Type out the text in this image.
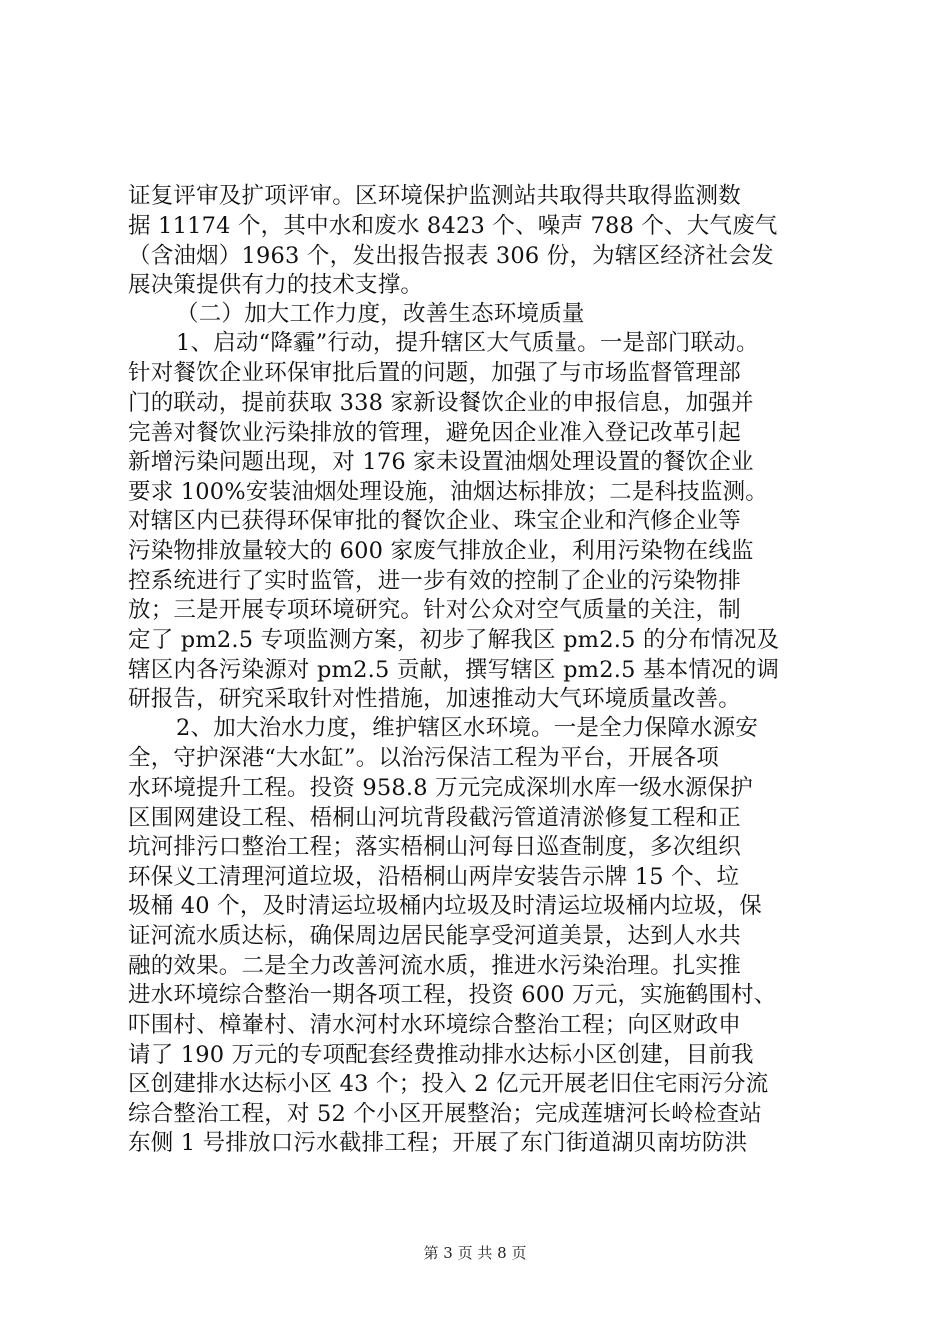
证复评审及扩项评审。区环境保护监测站共取得共取得监测数
据 11174 个，其中水和废水 8423 个、噪声 788 个、大气废气
（含油烟）1963 个，发出报告报表 306 份，为辖区经济社会发
展决策提供有力的技术支撑。
（二）加大工作力度，改善生态环境质量
1、启动“降霾”行动，提升辖区大气质量。一是部门联动。
针对餐饮企业环保审批后置的问题，加强了与市场监督管理部
门的联动，提前获取 338 家新设餐饮企业的申报信息，加强并
完善对餐饮业污染排放的管理，避免因企业准入登记改革引起
新增污染问题出现，对 176 家未设置油烟处理设置的餐饮企业
要求 100%安装油烟处理设施，油烟达标排放；二是科技监测。
对辖区内已获得环保审批的餐饮企业、珠宝企业和汽修企业等
污染物排放量较大的 600 家废气排放企业，利用污染物在线监
控系统进行了实时监管，进一步有效的控制了企业的污染物排
放；三是开展专项环境研究。针对公众对空气质量的关注，制
定了 pm2.5 专项监测方案，初步了解我区 pm2.5 的分布情况及
辖区内各污染源对 pm2.5 贡献，撰写辖区 pm2.5 基本情况的调
研报告，研究采取针对性措施，加速推动大气环境质量改善。
2、加大治水力度，维护辖区水环境。一是全力保障水源安
全，守护深港“大水缸”。以治污保洁工程为平台，开展各项
水环境提升工程。投资 958.8 万元完成深圳水库一级水源保护
区围网建设工程、梧桐山河坑背段截污管道清淤修复工程和正
坑河排污口整治工程；落实梧桐山河每日巡查制度，多次组织
环保义工清理河道垃圾，沿梧桐山两岸安装告示牌 15 个、垃
圾桶 40 个，及时清运垃圾桶内垃圾及时清运垃圾桶内垃圾，保
证河流水质达标，确保周边居民能享受河道美景，达到人水共
融的效果。二是全力改善河流水质，推进水污染治理。扎实推
进水环境综合整治一期各项工程，投资 600 万元，实施鹤围村、
吓围村、樟輋村、清水河村水环境综合整治工程；向区财政申
请了 190 万元的专项配套经费推动排水达标小区创建，目前我
区创建排水达标小区 43 个；投入 2 亿元开展老旧住宅雨污分流
综合整治工程，对 52 个小区开展整治；完成莲塘河长岭检查站
东侧 1 号排放口污水截排工程；开展了东门街道湖贝南坊防洪
第 3 页 共 8 页
